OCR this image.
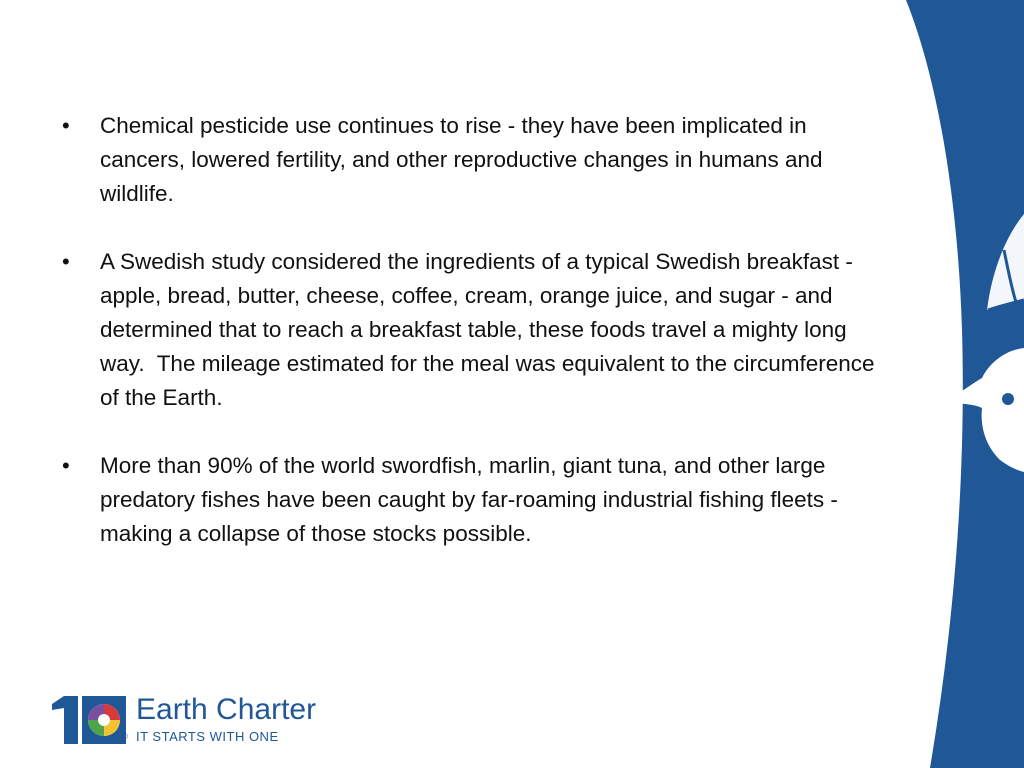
• Chemical pesticide use continues to rise - they have been implicated in cancers, lowered fertility, and other reproductive changes in humans and wildlife.
• A Swedish study considered the ingredients of a typical Swedish breakfast - apple, bread, butter, cheese, coffee, cream, orange juice, and sugar - and determined that to reach a breakfast table, these foods travel a mighty long way.  The mileage estimated for the meal was equivalent to the circumference of the Earth.
• More than 90% of the world swordfish, marlin, giant tuna, and other large predatory fishes have been caught by far-roaming industrial fishing fleets - making a collapse of those stocks possible.
®
Earth Charter
IT STARTS WITH ONE
